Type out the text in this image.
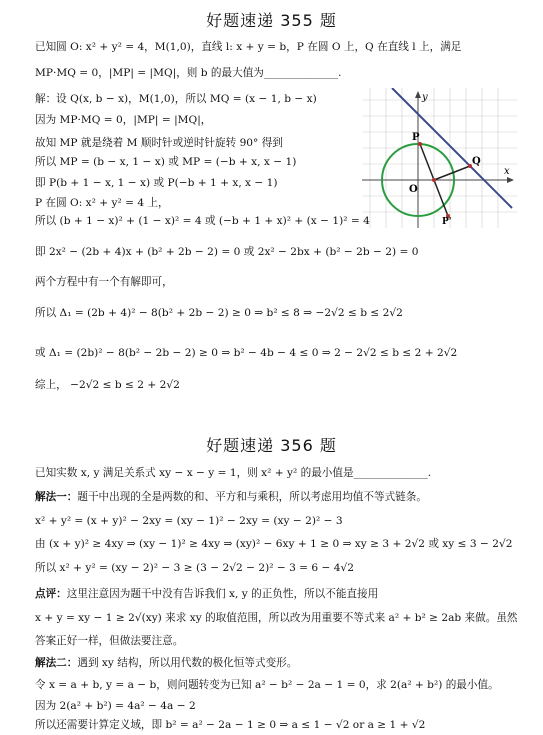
好题速递 355 题
已知圆 O: x² + y² = 4，M(1,0)，直线 l: x + y = b，P 在圆 O 上，Q 在直线 l 上，满足
MP·MQ = 0，|MP| = |MQ|，则 b 的最大值为______________.
解：设 Q(x, b − x)，M(1,0)，所以 MQ = (x − 1, b − x)
因为 MP·MQ = 0，|MP| = |MQ|，
故知 MP 就是绕着 M 顺时针或逆时针旋转 90° 得到
所以 MP = (b − x, 1 − x) 或 MP = (−b + x, x − 1)
即 P(b + 1 − x, 1 − x) 或 P(−b + 1 + x, x − 1)
P 在圆 O: x² + y² = 4 上，
所以 (b + 1 − x)² + (1 − x)² = 4 或 (−b + 1 + x)² + (x − 1)² = 4
即 2x² − (2b + 4)x + (b² + 2b − 2) = 0 或 2x² − 2bx + (b² − 2b − 2) = 0
两个方程中有一个有解即可，
所以 Δ₁ = (2b + 4)² − 8(b² + 2b − 2) ≥ 0 ⇒ b² ≤ 8 ⇒ −2√2 ≤ b ≤ 2√2
或 Δ₁ = (2b)² − 8(b² − 2b − 2) ≥ 0 ⇒ b² − 4b − 4 ≤ 0 ⇒ 2 − 2√2 ≤ b ≤ 2 + 2√2
综上， −2√2 ≤ b ≤ 2 + 2√2
y
x
O
P
Q
P'
好题速递 356 题
已知实数 x, y 满足关系式 xy − x − y = 1，则 x² + y² 的最小值是______________.
解法一：题干中出现的全是两数的和、平方和与乘积，所以考虑用均值不等式链条。
x² + y² = (x + y)² − 2xy = (xy − 1)² − 2xy = (xy − 2)² − 3
由 (x + y)² ≥ 4xy ⇒ (xy − 1)² ≥ 4xy ⇒ (xy)² − 6xy + 1 ≥ 0 ⇒ xy ≥ 3 + 2√2 或 xy ≤ 3 − 2√2
所以 x² + y² = (xy − 2)² − 3 ≥ (3 − 2√2 − 2)² − 3 = 6 − 4√2
点评：这里注意因为题干中没有告诉我们 x, y 的正负性，所以不能直接用
x + y = xy − 1 ≥ 2√(xy) 来求 xy 的取值范围，所以改为用重要不等式来 a² + b² ≥ 2ab 来做。虽然
答案正好一样，但做法要注意。
解法二：遇到 xy 结构，所以用代数的极化恒等式变形。
令 x = a + b, y = a − b，则问题转变为已知 a² − b² − 2a − 1 = 0，求 2(a² + b²) 的最小值。
因为 2(a² + b²) = 4a² − 4a − 2
所以还需要计算定义域，即 b² = a² − 2a − 1 ≥ 0 ⇒ a ≤ 1 − √2 or a ≥ 1 + √2
